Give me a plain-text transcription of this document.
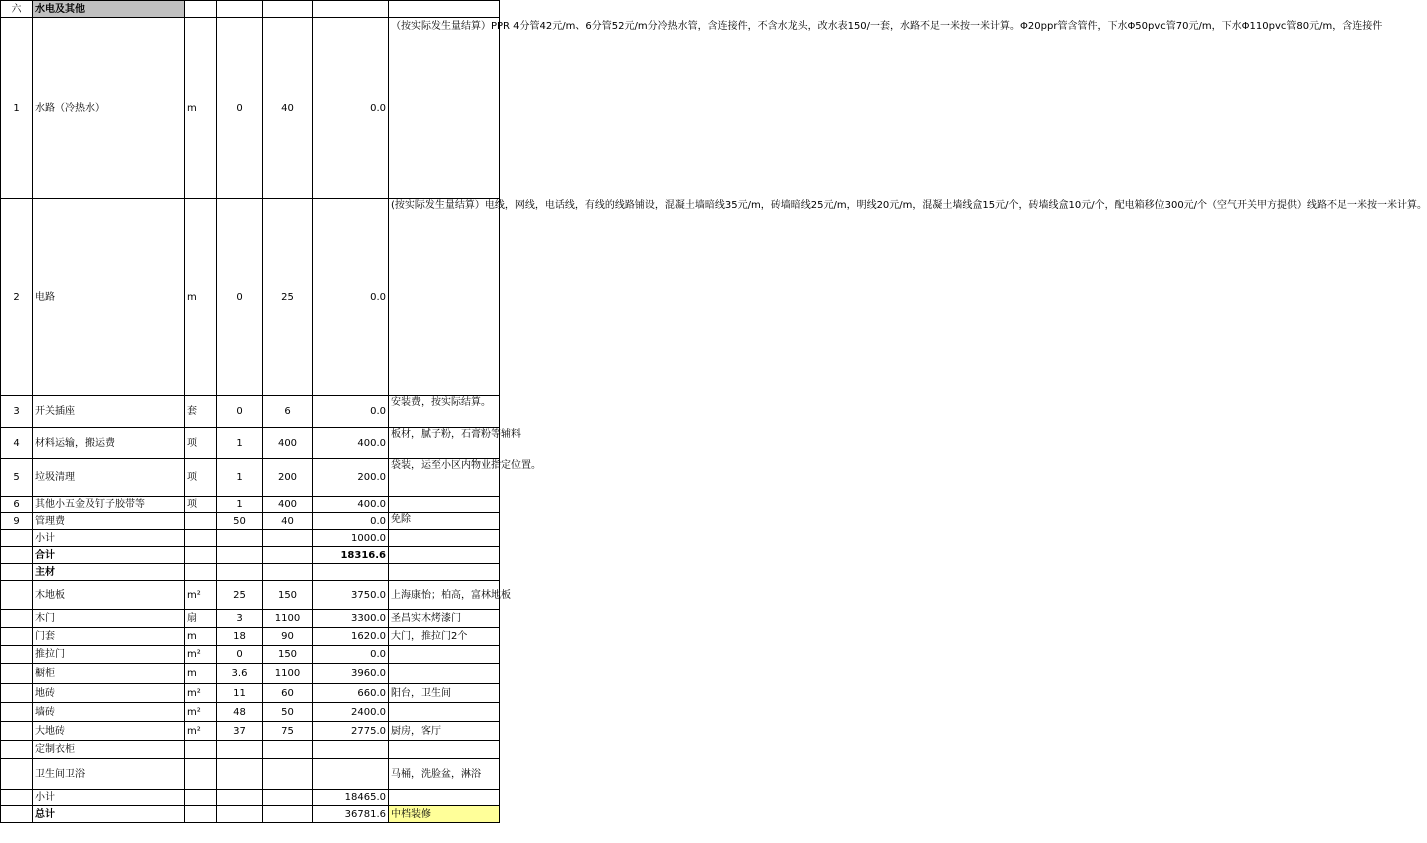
六	水电及其他					
1	水路（冷热水）	m	0	40	0.0	（按实际发生量结算）PPR 4分管42元/m、6分管52元/m分冷热水管，含连接件，不含水龙头，改水表150/一套，水路不足一米按一米计算。Φ20ppr管含管件，下水Φ50pvc管70元/m，下水Φ110pvc管80元/m，含连接件
2	电路	m	0	25	0.0	(按实际发生量结算）电线，网线，电话线，有线的线路铺设，混凝土墙暗线35元/m，砖墙暗线25元/m，明线20元/m，混凝土墙线盒15元/个，砖墙线盒10元/个，配电箱移位300元/个（空气开关甲方提供）线路不足一米按一米计算。
3	开关插座	套	0	6	0.0	安装费，按实际结算。
4	材料运输，搬运费	项	1	400	400.0	板材，腻子粉，石膏粉等辅料
5	垃圾清理	项	1	200	200.0	袋装，运至小区内物业指定位置。
6	其他小五金及钉子胶带等	项	1	400	400.0	
9	管理费		50	40	0.0	免除
	小计				1000.0	
	合计				18316.6	
	主材					
	木地板	m²	25	150	3750.0	上海康怡；柏高，富林地板
	木门	扇	3	1100	3300.0	圣昌实木烤漆门
	门套	m	18	90	1620.0	大门，推拉门2个
	推拉门	m²	0	150	0.0	
	橱柜	m	3.6	1100	3960.0	
	地砖	m²	11	60	660.0	阳台，卫生间
	墙砖	m²	48	50	2400.0	
	大地砖	m²	37	75	2775.0	厨房，客厅
	定制衣柜					
	卫生间卫浴					马桶，洗脸盆，淋浴
	小计				18465.0	
	总计				36781.6	中档装修
